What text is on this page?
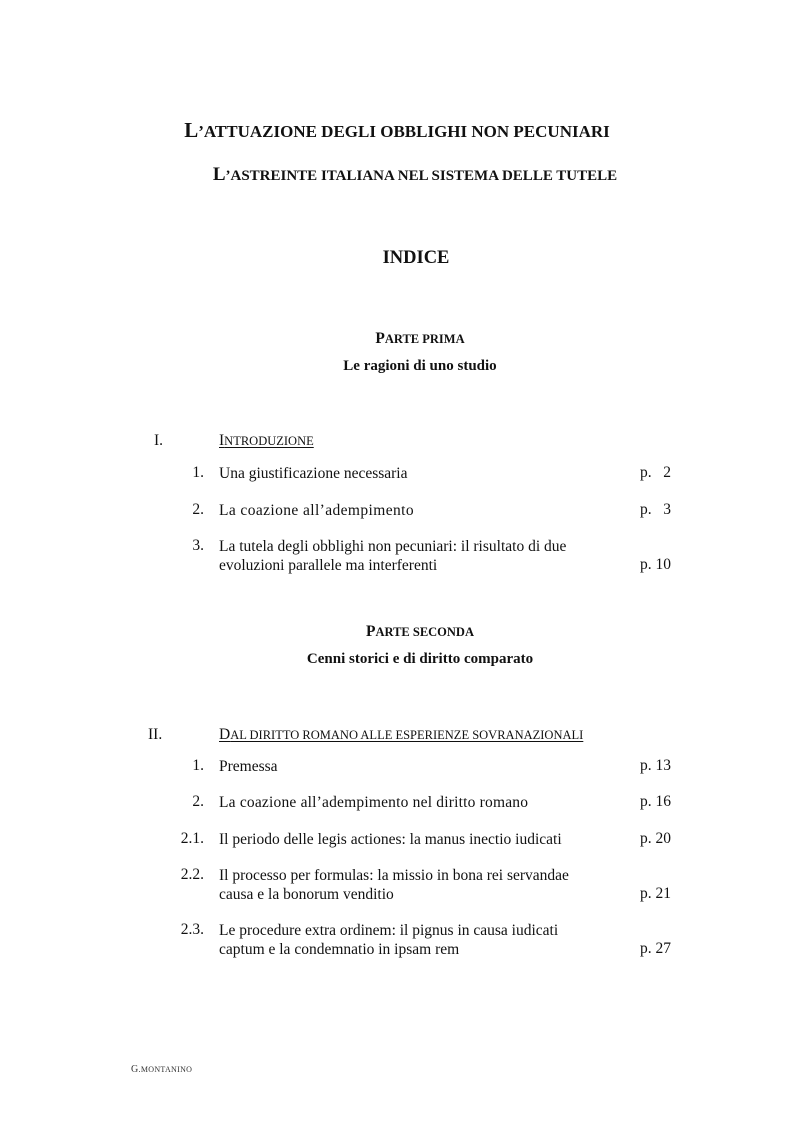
L’ATTUAZIONE DEGLI OBBLIGHI NON PECUNIARI
L’ASTREINTE ITALIANA NEL SISTEMA DELLE TUTELE
INDICE
PARTE PRIMA
Le ragioni di uno studio
I.	INTRODUZIONE
1. Una giustificazione necessaria	p.   2
2. La coazione all’adempimento	p.   3
3. La tutela degli obblighi non pecuniari: il risultato di due
evoluzioni parallele ma interferenti	p. 10
PARTE SECONDA
Cenni storici e di diritto comparato
II.	DAL DIRITTO ROMANO ALLE ESPERIENZE SOVRANAZIONALI
1. Premessa	p. 13
2. La coazione all’adempimento nel diritto romano	p. 16
2.1. Il periodo delle legis actiones: la manus inectio iudicati	p. 20
2.2. Il processo per formulas: la missio in bona rei servandae
causa e la bonorum venditio	p. 21
2.3. Le procedure extra ordinem: il pignus in causa iudicati
captum e la condemnatio in ipsam rem	p. 27
G.MONTANINO
